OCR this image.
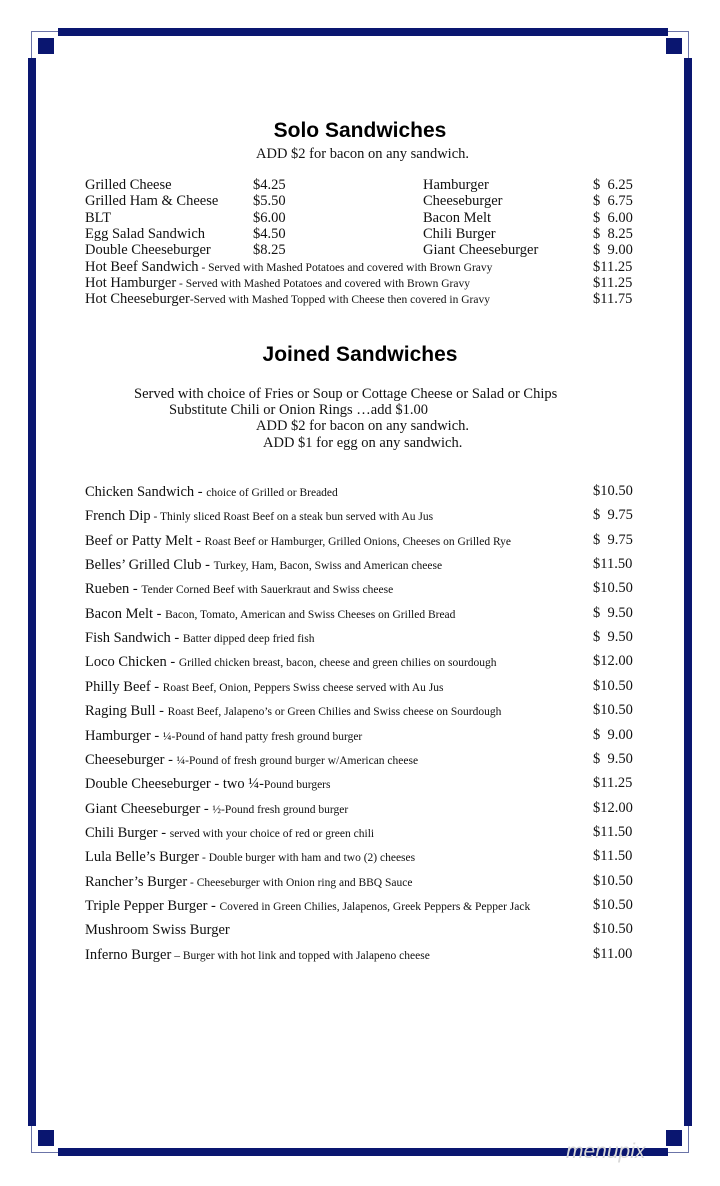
Solo Sandwiches
ADD $2 for bacon on any sandwich.
Grilled Cheese	$4.25	Hamburger	$  6.25
Grilled Ham & Cheese $5.50	Cheeseburger	$  6.75
BLT	$6.00	Bacon Melt	$  6.00
Egg Salad Sandwich	$4.50	Chili Burger	$  8.25
Double Cheeseburger	$8.25	Giant Cheeseburger	$  9.00
Hot Beef Sandwich - Served with Mashed Potatoes and covered with Brown Gravy	$11.25
Hot Hamburger - Served with Mashed Potatoes and covered with Brown Gravy	$11.25
Hot Cheeseburger-Served with Mashed Topped with Cheese then covered in Gravy	$11.75
Joined Sandwiches
Served with choice of Fries or Soup or Cottage Cheese or Salad or Chips
Substitute Chili or Onion Rings …add $1.00
ADD $2 for bacon on any sandwich.
ADD $1 for egg on any sandwich.
Chicken Sandwich - choice of Grilled or Breaded	$10.50
French Dip - Thinly sliced Roast Beef on a steak bun served with Au Jus	$  9.75
Beef or Patty Melt - Roast Beef or Hamburger, Grilled Onions, Cheeses on Grilled Rye	$  9.75
Belles’ Grilled Club - Turkey, Ham, Bacon, Swiss and American cheese	$11.50
Rueben - Tender Corned Beef with Sauerkraut and Swiss cheese	$10.50
Bacon Melt - Bacon, Tomato, American and Swiss Cheeses on Grilled Bread	$  9.50
Fish Sandwich - Batter dipped deep fried fish	$  9.50
Loco Chicken - Grilled chicken breast, bacon, cheese and green chilies on sourdough	$12.00
Philly Beef - Roast Beef, Onion, Peppers Swiss cheese served with Au Jus	$10.50
Raging Bull - Roast Beef, Jalapeno’s or Green Chilies and Swiss cheese on Sourdough	$10.50
Hamburger - ¼-Pound of hand patty fresh ground burger	$  9.00
Cheeseburger - ¼-Pound of fresh ground burger w/American cheese	$  9.50
Double Cheeseburger - two ¼-Pound burgers	$11.25
Giant Cheeseburger - ½-Pound fresh ground burger	$12.00
Chili Burger - served with your choice of red or green chili	$11.50
Lula Belle’s Burger - Double burger with ham and two (2) cheeses	$11.50
Rancher’s Burger - Cheeseburger with Onion ring and BBQ Sauce	$10.50
Triple Pepper Burger - Covered in Green Chilies, Jalapenos, Greek Peppers & Pepper Jack	$10.50
Mushroom Swiss Burger	$10.50
Inferno Burger – Burger with hot link and topped with Jalapeno cheese	$11.00
menupix
